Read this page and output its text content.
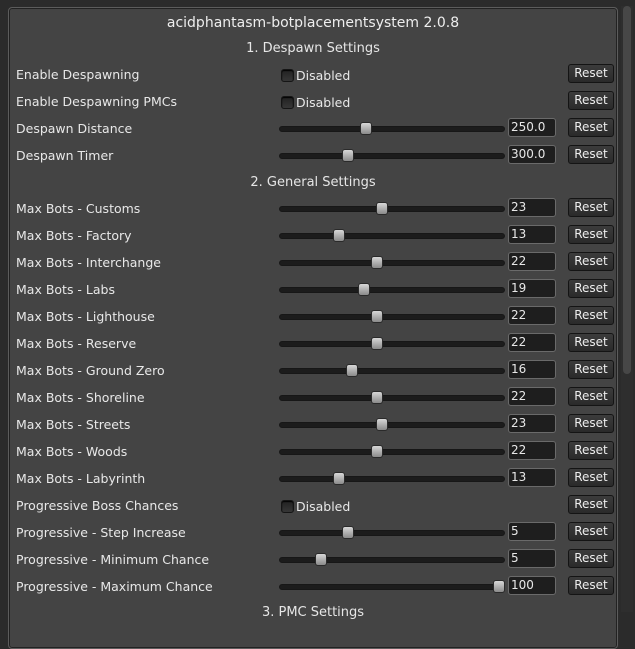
acidphantasm-botplacementsystem 2.0.8
1. Despawn Settings
2. General Settings
3. PMC Settings
Enable Despawning	Disabled	Reset
Enable Despawning PMCs	Disabled	Reset
Despawn Distance	250.0	Reset
Despawn Timer	300.0	Reset
Max Bots - Customs	23	Reset
Max Bots - Factory	13	Reset
Max Bots - Interchange	22	Reset
Max Bots - Labs	19	Reset
Max Bots - Lighthouse	22	Reset
Max Bots - Reserve	22	Reset
Max Bots - Ground Zero	16	Reset
Max Bots - Shoreline	22	Reset
Max Bots - Streets	23	Reset
Max Bots - Woods	22	Reset
Max Bots - Labyrinth	13	Reset
Progressive Boss Chances	Disabled	Reset
Progressive - Step Increase	5	Reset
Progressive - Minimum Chance	5	Reset
Progressive - Maximum Chance	100	Reset
